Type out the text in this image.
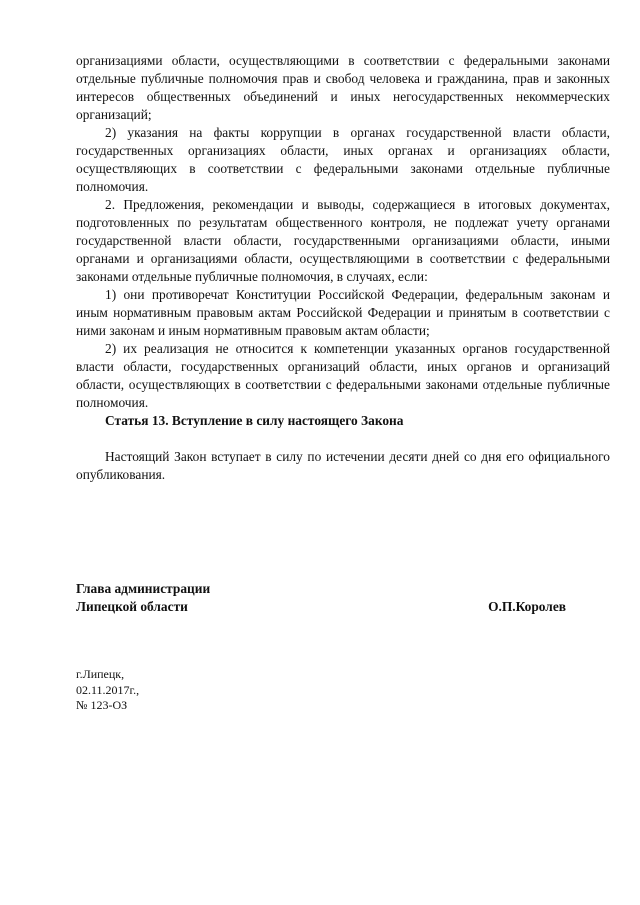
организациями области, осуществляющими в соответствии с федеральными законами отдельные публичные полномочия прав и свобод человека и гражданина, прав и законных интересов общественных объединений и иных негосударственных некоммерческих организаций;

2) указания на факты коррупции в органах государственной власти области, государственных организациях области, иных органах и организациях области, осуществляющих в соответствии с федеральными законами отдельные публичные полномочия.

2. Предложения, рекомендации и выводы, содержащиеся в итоговых документах, подготовленных по результатам общественного контроля, не подлежат учету органами государственной власти области, государственными организациями области, иными органами и организациями области, осуществляющими в соответствии с федеральными законами отдельные публичные полномочия, в случаях, если:

1) они противоречат Конституции Российской Федерации, федеральным законам и иным нормативным правовым актам Российской Федерации и принятым в соответствии с ними законам и иным нормативным правовым актам области;

2) их реализация не относится к компетенции указанных органов государственной власти области, государственных организаций области, иных органов и организаций области, осуществляющих в соответствии с федеральными законами отдельные публичные полномочия.

Статья 13. Вступление в силу настоящего Закона

Настоящий Закон вступает в силу по истечении десяти дней со дня его официального опубликования.

Глава администрации
Липецкой области	О.П.Королев
г.Липецк,
02.11.2017г.,
№ 123-ОЗ
